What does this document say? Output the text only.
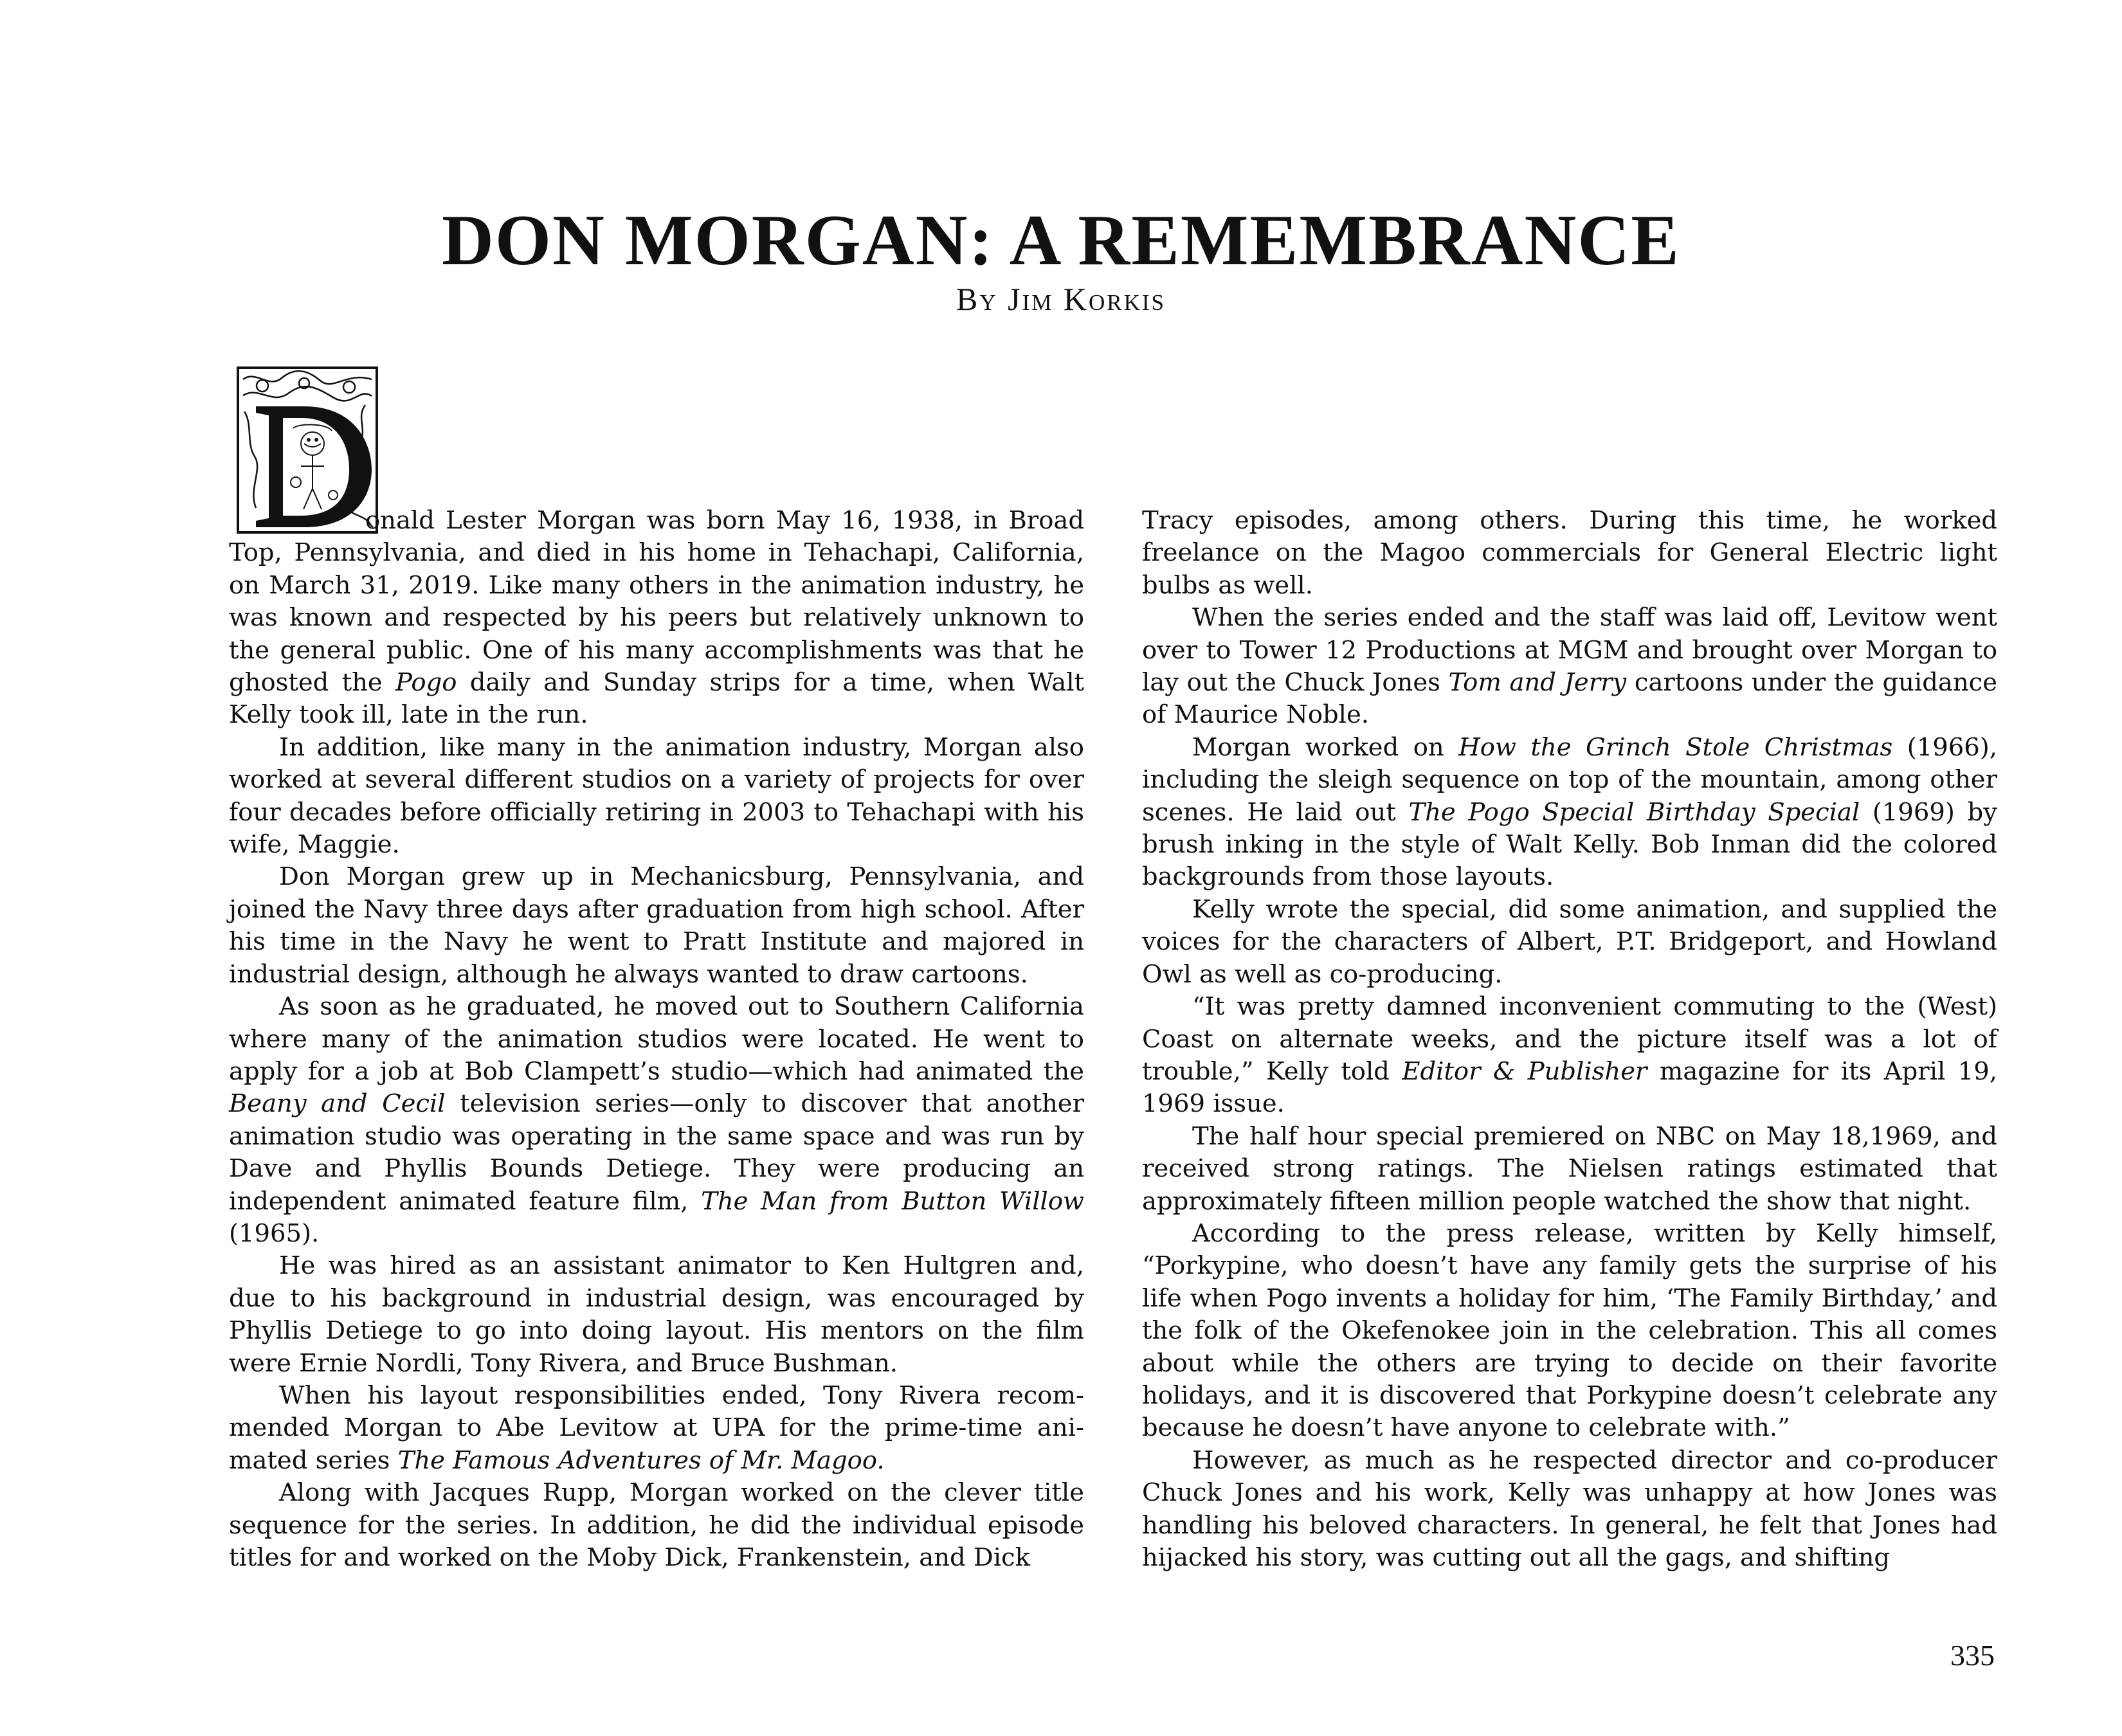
DON MORGAN: A REMEMBRANCE
By Jim Korkis

onald Lester Morgan was born May 16, 1938, in Broad Top, Pennsylvania, and died in his home in Tehachapi, California, on March 31, 2019. Like many others in the animation industry, he was known and respected by his peers but relatively unknown to the general public. One of his many accomplishments was that he ghosted the Pogo daily and Sunday strips for a time, when Walt Kelly took ill, late in the run.

In addition, like many in the animation industry, Morgan also worked at several different studios on a variety of projects for over four decades before officially retiring in 2003 to Tehachapi with his wife, Maggie.

Don Morgan grew up in Mechanicsburg, Pennsylvania, and joined the Navy three days after graduation from high school. After his time in the Navy he went to Pratt Institute and majored in industrial design, although he always wanted to draw cartoons.

As soon as he graduated, he moved out to Southern California where many of the animation studios were located. He went to apply for a job at Bob Clampett’s studio—which had animated the Beany and Cecil television series—only to discover that another animation studio was operating in the same space and was run by Dave and Phyllis Bounds Detiege. They were producing an independent animated feature film, The Man from Button Willow (1965).

He was hired as an assistant animator to Ken Hultgren and, due to his background in industrial design, was encouraged by Phyllis Detiege to go into doing layout. His mentors on the film were Ernie Nordli, Tony Rivera, and Bruce Bushman.

When his layout responsibilities ended, Tony Rivera recommended Morgan to Abe Levitow at UPA for the prime-time animated series The Famous Adventures of Mr. Magoo.

Along with Jacques Rupp, Morgan worked on the clever title sequence for the series. In addition, he did the individual episode titles for and worked on the Moby Dick, Frankenstein, and Dick

Tracy episodes, among others. During this time, he worked freelance on the Magoo commercials for General Electric light bulbs as well.

When the series ended and the staff was laid off, Levitow went over to Tower 12 Productions at MGM and brought over Morgan to lay out the Chuck Jones Tom and Jerry cartoons under the guidance of Maurice Noble.

Morgan worked on How the Grinch Stole Christmas (1966), including the sleigh sequence on top of the mountain, among other scenes. He laid out The Pogo Special Birthday Special (1969) by brush inking in the style of Walt Kelly. Bob Inman did the colored backgrounds from those layouts.

Kelly wrote the special, did some animation, and supplied the voices for the characters of Albert, P.T. Bridgeport, and Howland Owl as well as co-producing.

“It was pretty damned inconvenient commuting to the (West) Coast on alternate weeks, and the picture itself was a lot of trouble,” Kelly told Editor & Publisher magazine for its April 19, 1969 issue.

The half hour special premiered on NBC on May 18,1969, and received strong ratings. The Nielsen ratings estimated that approximately fifteen million people watched the show that night.

According to the press release, written by Kelly himself, “Porkypine, who doesn’t have any family gets the surprise of his life when Pogo invents a holiday for him, ‘The Family Birthday,’ and the folk of the Okefenokee join in the celebration. This all comes about while the others are trying to decide on their favorite holidays, and it is discovered that Porkypine doesn’t celebrate any because he doesn’t have anyone to celebrate with.”

However, as much as he respected director and co-producer Chuck Jones and his work, Kelly was unhappy at how Jones was handling his beloved characters. In general, he felt that Jones had hijacked his story, was cutting out all the gags, and shifting

335
